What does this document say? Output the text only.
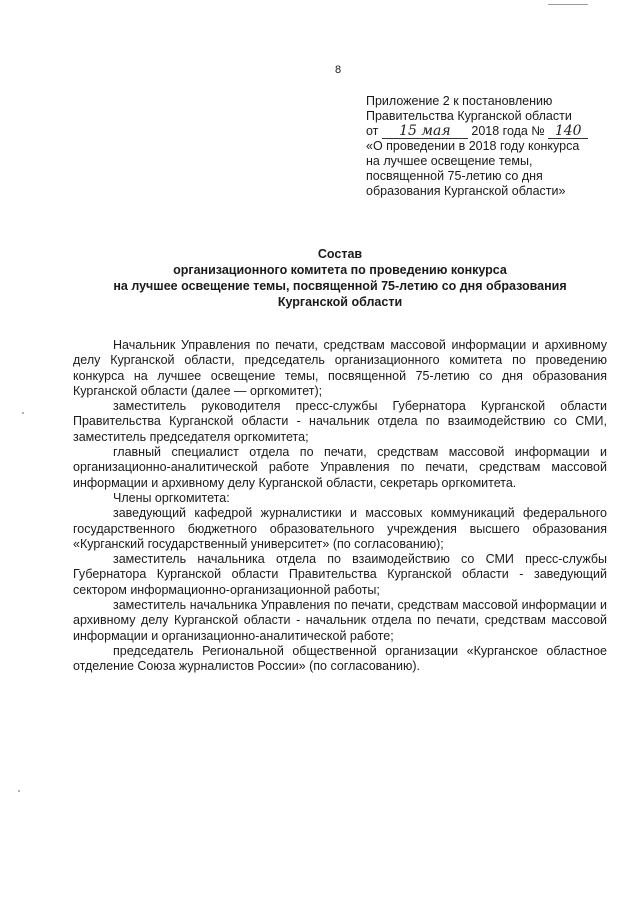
8
Приложение 2 к постановлению
Правительства Курганской области
от 15 мая 2018 года № 140
«О проведении в 2018 году конкурса
на лучшее освещение темы,
посвященной 75-летию со дня
образования Курганской области»
Состав
организационного комитета по проведению конкурса
на лучшее освещение темы, посвященной 75-летию со дня образования
Курганской области

Начальник Управления по печати, средствам массовой информации и архивному делу Курганской области, председатель организационного комитета по проведению конкурса на лучшее освещение темы, посвященной 75-летию со дня образования Курганской области (далее — оргкомитет);

заместитель руководителя пресс-службы Губернатора Курганской области Правительства Курганской области - начальник отдела по взаимодействию со СМИ, заместитель председателя оргкомитета;

главный специалист отдела по печати, средствам массовой информации и организационно-аналитической работе Управления по печати, средствам массовой информации и архивному делу Курганской области, секретарь оргкомитета.

Члены оргкомитета:

заведующий кафедрой журналистики и массовых коммуникаций федерального государственного бюджетного образовательного учреждения высшего образования «Курганский государственный университет» (по согласованию);

заместитель начальника отдела по взаимодействию со СМИ пресс-службы Губернатора Курганской области Правительства Курганской области - заведующий сектором информационно-организационной работы;

заместитель начальника Управления по печати, средствам массовой информации и архивному делу Курганской области - начальник отдела по печати, средствам массовой информации и организационно-аналитической работе;

председатель Региональной общественной организации «Курганское областное отделение Союза журналистов России» (по согласованию).
